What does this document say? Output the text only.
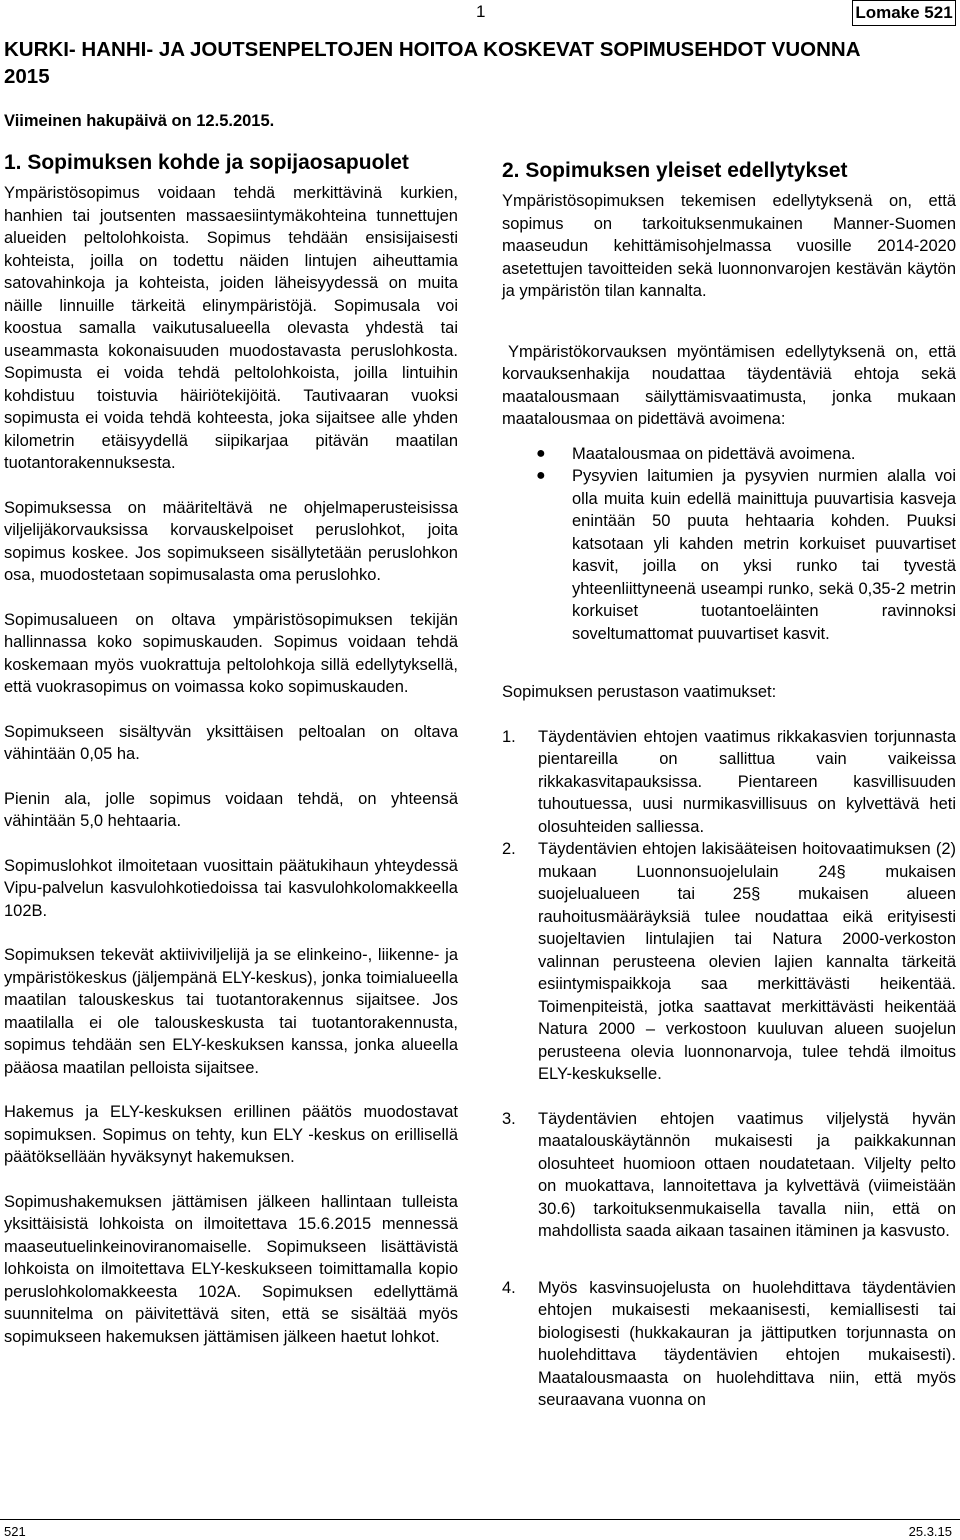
1	Lomake 521
KURKI- HANHI- JA JOUTSENPELTOJEN HOITOA KOSKEVAT SOPIMUSEHDOT VUONNA 2015
Viimeinen hakupäivä on 12.5.2015.
1. Sopimuksen kohde ja sopijaosapuolet

Ympäristösopimus voidaan tehdä merkittävinä kurkien, hanhien tai joutsenten massaesiintymäkohteina tunnettujen alueiden peltolohkoista. Sopimus tehdään ensisijaisesti kohteista, joilla on todettu näiden lintujen aiheuttamia satovahinkoja ja kohteista, joiden läheisyydessä on muita näille linnuille tärkeitä elinympäristöjä. Sopimusala voi koostua samalla vaikutusalueella olevasta yhdestä tai useammasta kokonaisuuden muodostavasta peruslohkosta. Sopimusta ei voida tehdä peltolohkoista, joilla lintuihin kohdistuu toistuvia häiriötekijöitä. Tautivaaran vuoksi sopimusta ei voida tehdä kohteesta, joka sijaitsee alle yhden kilometrin etäisyydellä siipikarjaa pitävän maatilan tuotantorakennuksesta.

Sopimuksessa on määriteltävä ne ohjelmaperusteisissa viljelijäkorvauksissa korvauskelpoiset peruslohkot, joita sopimus koskee. Jos sopimukseen sisällytetään peruslohkon osa, muodostetaan sopimusalasta oma peruslohko.

Sopimusalueen on oltava ympäristösopimuksen tekijän hallinnassa koko sopimuskauden. Sopimus voidaan tehdä koskemaan myös vuokrattuja peltolohkoja sillä edellytyksellä, että vuokrasopimus on voimassa koko sopimuskauden.

Sopimukseen sisältyvän yksittäisen peltoalan on oltava vähintään 0,05 ha.

Pienin ala, jolle sopimus voidaan tehdä, on yhteensä vähintään 5,0 hehtaaria.

Sopimuslohkot ilmoitetaan vuosittain päätukihaun yhteydessä Vipu-palvelun kasvulohkotiedoissa tai kasvulohkolomakkeella 102B.

Sopimuksen tekevät aktiiviviljelijä ja se elinkeino-, liikenne- ja ympäristökeskus (jäljempänä ELY-keskus), jonka toimialueella maatilan talouskeskus tai tuotantorakennus sijaitsee. Jos maatilalla ei ole talouskeskusta tai tuotantorakennusta, sopimus tehdään sen ELY-keskuksen kanssa, jonka alueella pääosa maatilan pelloista sijaitsee.

Hakemus ja ELY-keskuksen erillinen päätös muodostavat sopimuksen. Sopimus on tehty, kun ELY -keskus on erillisellä päätöksellään hyväksynyt hakemuksen.

Sopimushakemuksen jättämisen jälkeen hallintaan tulleista yksittäisistä lohkoista on ilmoitettava 15.6.2015 mennessä maaseutuelinkeinoviranomaiselle. Sopimukseen lisättävistä lohkoista on ilmoitettava ELY-keskukseen toimittamalla kopio peruslohkolomakkeesta 102A. Sopimuksen edellyttämä suunnitelma on päivitettävä siten, että se sisältää myös sopimukseen hakemuksen jättämisen jälkeen haetut lohkot.

2. Sopimuksen yleiset edellytykset

Ympäristösopimuksen tekemisen edellytyksenä on, että sopimus on tarkoituksenmukainen Manner-Suomen maaseudun kehittämisohjelmassa vuosille 2014-2020 asetettujen tavoitteiden sekä luonnonvarojen kestävän käytön ja ympäristön tilan kannalta.

Ympäristökorvauksen myöntämisen edellytyksenä on, että korvauksenhakija noudattaa täydentäviä ehtoja sekä maatalousmaan säilyttämisvaatimusta, jonka mukaan maatalousmaa on pidettävä avoimena:

● Maatalousmaa on pidettävä avoimena.
● Pysyvien laitumien ja pysyvien nurmien alalla voi olla muita kuin edellä mainittuja puuvartisia kasveja enintään 50 puuta hehtaaria kohden. Puuksi katsotaan yli kahden metrin korkuiset puuvartiset kasvit, joilla on yksi runko tai tyvestä yhteenliittyneenä useampi runko, sekä 0,35-2 metrin korkuiset tuotantoeläinten ravinnoksi soveltumattomat puuvartiset kasvit.

Sopimuksen perustason vaatimukset:

1. Täydentävien ehtojen vaatimus rikkakasvien torjunnasta pientareilla on sallittua vain vaikeissa rikkakasvitapauksissa. Pientareen kasvillisuuden tuhoutuessa, uusi nurmikasvillisuus on kylvettävä heti olosuhteiden salliessa.
2. Täydentävien ehtojen lakisääteisen hoitovaatimuksen (2) mukaan Luonnonsuojelulain 24§ mukaisen suojelualueen tai 25§ mukaisen alueen rauhoitusmääräyksiä tulee noudattaa eikä erityisesti suojeltavien lintulajien tai Natura 2000-verkoston valinnan perusteena olevien lajien kannalta tärkeitä esiintymispaikkoja saa merkittävästi heikentää. Toimenpiteistä, jotka saattavat merkittävästi heikentää Natura 2000 – verkostoon kuuluvan alueen suojelun perusteena olevia luonnonarvoja, tulee tehdä ilmoitus ELY-keskukselle.
3. Täydentävien ehtojen vaatimus viljelystä hyvän maatalouskäytännön mukaisesti ja paikkakunnan olosuhteet huomioon ottaen noudatetaan. Viljelty pelto on muokattava, lannoitettava ja kylvettävä (viimeistään 30.6) tarkoituksenmukaisella tavalla niin, että on mahdollista saada aikaan tasainen itäminen ja kasvusto.
4. Myös kasvinsuojelusta on huolehdittava täydentävien ehtojen mukaisesti mekaanisesti, kemiallisesti tai biologisesti (hukkakauran ja jättiputken torjunnasta on huolehdittava täydentävien ehtojen mukaisesti). Maatalousmaasta on huolehdittava niin, että myös seuraavana vuonna on
521	25.3.15
